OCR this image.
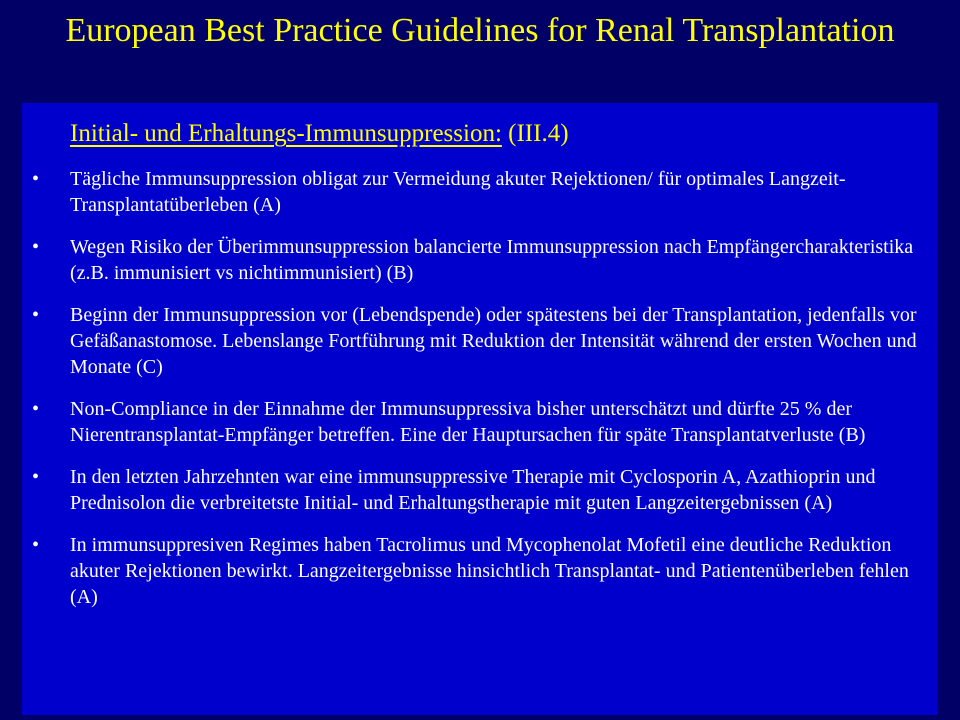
European Best Practice Guidelines for Renal Transplantation
Initial- und Erhaltungs-Immunsuppression: (III.4)
•	Tägliche Immunsuppression obligat zur Vermeidung akuter Rejektionen/ für optimales Langzeit-Transplantatüberleben (A)
•	Wegen Risiko der Überimmunsuppression balancierte Immunsuppression nach Empfängercharakteristika (z.B. immunisiert vs nichtimmunisiert) (B)
•	Beginn der Immunsuppression vor (Lebendspende) oder spätestens bei der Transplantation, jedenfalls vor Gefäßanastomose. Lebenslange Fortführung mit Reduktion der Intensität während der ersten Wochen und Monate (C)
•	Non-Compliance in der Einnahme der Immunsuppressiva bisher unterschätzt und dürfte 25 % der Nierentransplantat-Empfänger betreffen. Eine der Hauptursachen für späte Transplantatverluste (B)
•	In den letzten Jahrzehnten war eine immunsuppressive Therapie mit Cyclosporin A, Azathioprin und Prednisolon die verbreitetste Initial- und Erhaltungstherapie mit guten Langzeitergebnissen (A)
•	In immunsuppresiven Regimes haben Tacrolimus und Mycophenolat Mofetil eine deutliche Reduktion akuter Rejektionen bewirkt. Langzeitergebnisse hinsichtlich Transplantat- und Patientenüberleben fehlen (A)
